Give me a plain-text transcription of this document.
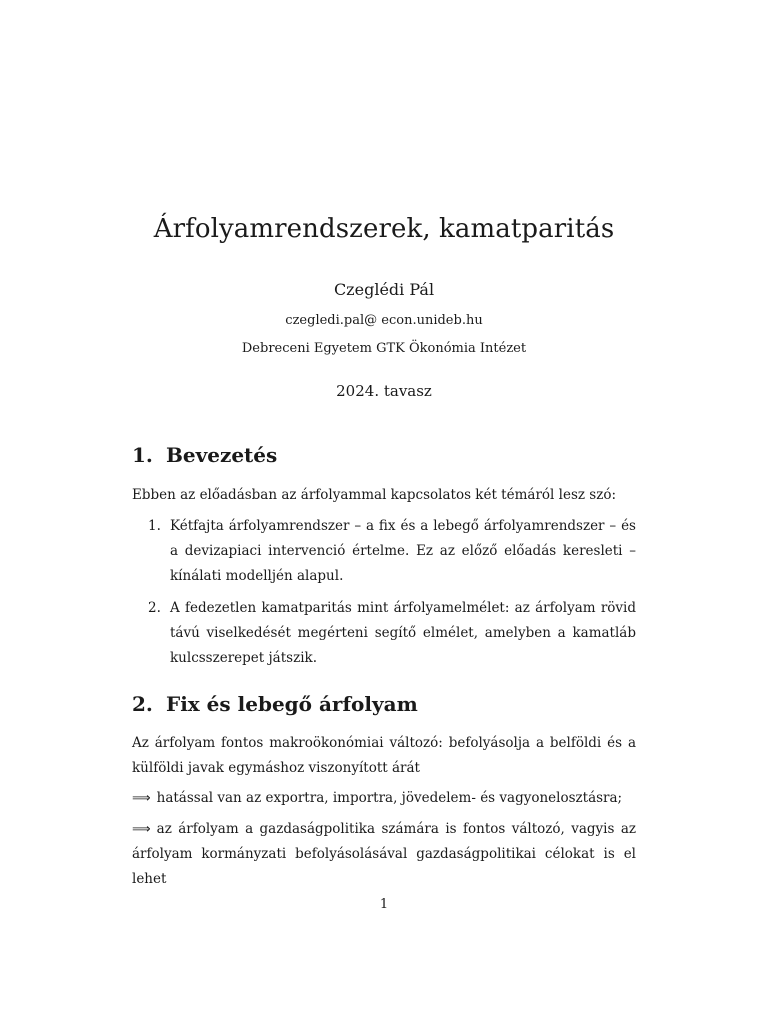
Árfolyamrendszerek, kamatparitás
Czeglédi Pál
czegledi.pal@ econ.unideb.hu
Debreceni Egyetem GTK Ökonómia Intézet
2024. tavasz
1. Bevezetés
Ebben az előadásban az árfolyammal kapcsolatos két témáról lesz szó:
1. Kétfajta árfolyamrendszer – a fix és a lebegő árfolyamrendszer – és a devizapiaci intervenció értelme. Ez az előző előadás keresleti – kínálati modelljén alapul.
2. A fedezetlen kamatparitás mint árfolyamelmélet: az árfolyam rövid távú viselkedését megérteni segítő elmélet, amelyben a kamatláb kulcsszerepet játszik.
2. Fix és lebegő árfolyam
Az árfolyam fontos makroökonómiai változó: befolyásolja a belföldi és a külföldi javak egymáshoz viszonyított árát
⟹ hatással van az exportra, importra, jövedelem- és vagyonelosztásra;
⟹ az árfolyam a gazdaságpolitika számára is fontos változó, vagyis az árfolyam kormányzati befolyásolásával gazdaságpolitikai célokat is el lehet
1
